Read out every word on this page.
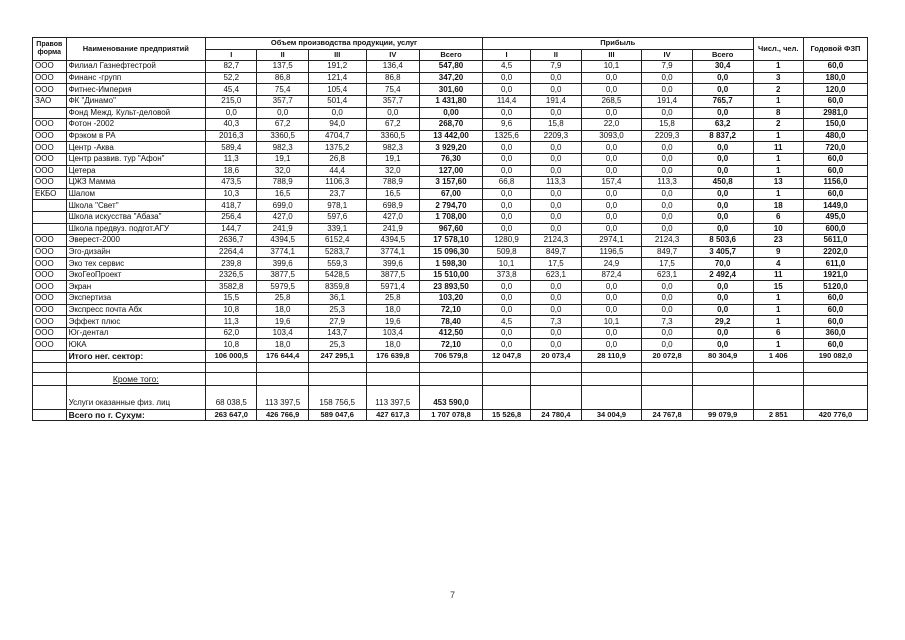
Правов форма	Наименование предприятий	Объем производства продукции, услуг					Прибыль					Числ., чел.	Годовой ФЗП
		I	II	III	IV	Всего	I	II	III	IV	Всего		
ООО	Филиал Газнефтестрой	82,7	137,5	191,2	136,4	547,80	4,5	7,9	10,1	7,9	30,4	1	60,0
ООО	Финанс -групп	52,2	86,8	121,4	86,8	347,20	0,0	0,0	0,0	0,0	0,0	3	180,0
ООО	Фитнес-Империя	45,4	75,4	105,4	75,4	301,60	0,0	0,0	0,0	0,0	0,0	2	120,0
ЗАО	ФК "Динамо"	215,0	357,7	501,4	357,7	1 431,80	114,4	191,4	268,5	191,4	765,7	1	60,0
	Фонд Межд. Культ-деловой	0,0	0,0	0,0	0,0	0,00	0,0	0,0	0,0	0,0	0,0	8	2981,0
ООО	Фотон -2002	40,3	67,2	94,0	67,2	268,70	9,6	15,8	22,0	15,8	63,2	2	150,0
ООО	Фрэком в РА	2016,3	3360,5	4704,7	3360,5	13 442,00	1325,6	2209,3	3093,0	2209,3	8 837,2	1	480,0
ООО	Центр -Аква	589,4	982,3	1375,2	982,3	3 929,20	0,0	0,0	0,0	0,0	0,0	11	720,0
ООО	Центр развив. тур "Афон"	11,3	19,1	26,8	19,1	76,30	0,0	0,0	0,0	0,0	0,0	1	60,0
ООО	Цетера	18,6	32,0	44,4	32,0	127,00	0,0	0,0	0,0	0,0	0,0	1	60,0
ООО	ЦЖЗ Мамма	473,5	788,9	1106,3	788,9	3 157,60	66,8	113,3	157,4	113,3	450,8	13	1156,0
ЕКБО	Шалом	10,3	16,5	23,7	16,5	67,00	0,0	0,0	0,0	0,0	0,0	1	60,0
	Школа "Свет"	418,7	699,0	978,1	698,9	2 794,70	0,0	0,0	0,0	0,0	0,0	18	1449,0
	Школа искусства "Абаза"	256,4	427,0	597,6	427,0	1 708,00	0,0	0,0	0,0	0,0	0,0	6	495,0
	Школа предвуз. подгот.АГУ	144,7	241,9	339,1	241,9	967,60	0,0	0,0	0,0	0,0	0,0	10	600,0
ООО	Эверест-2000	2636,7	4394,5	6152,4	4394,5	17 578,10	1280,9	2124,3	2974,1	2124,3	8 503,6	23	5611,0
ООО	Эго-дизайн	2264,4	3774,1	5283,7	3774,1	15 096,30	509,8	849,7	1196,5	849,7	3 405,7	9	2202,0
ООО	Эко тех сервис	239,8	399,6	559,3	399,6	1 598,30	10,1	17,5	24,9	17,5	70,0	4	611,0
ООО	ЭкоГеоПроект	2326,5	3877,5	5428,5	3877,5	15 510,00	373,8	623,1	872,4	623,1	2 492,4	11	1921,0
ООО	Экран	3582,8	5979,5	8359,8	5971,4	23 893,50	0,0	0,0	0,0	0,0	0,0	15	5120,0
ООО	Экспертиза	15,5	25,8	36,1	25,8	103,20	0,0	0,0	0,0	0,0	0,0	1	60,0
ООО	Экспресс почта Абх	10,8	18,0	25,3	18,0	72,10	0,0	0,0	0,0	0,0	0,0	1	60,0
ООО	Эффект плюс	11,3	19,6	27,9	19,6	78,40	4,5	7,3	10,1	7,3	29,2	1	60,0
ООО	Юг-дентал	62,0	103,4	143,7	103,4	412,50	0,0	0,0	0,0	0,0	0,0	6	360,0
ООО	ЮКА	10,8	18,0	25,3	18,0	72,10	0,0	0,0	0,0	0,0	0,0	1	60,0
	Итого нег. сектор:	106 000,5	176 644,4	247 295,1	176 639,8	706 579,8	12 047,8	20 073,4	28 110,9	20 072,8	80 304,9	1 406	190 082,0

	Кроме того:												
	Услуги оказанные физ. лиц	68 038,5	113 397,5	158 756,5	113 397,5	453 590,0							
	Всего по г. Сухум:	263 647,0	426 766,9	589 047,6	427 617,3	1 707 078,8	15 526,8	24 780,4	34 004,9	24 767,8	99 079,9	2 851	420 776,0
7
